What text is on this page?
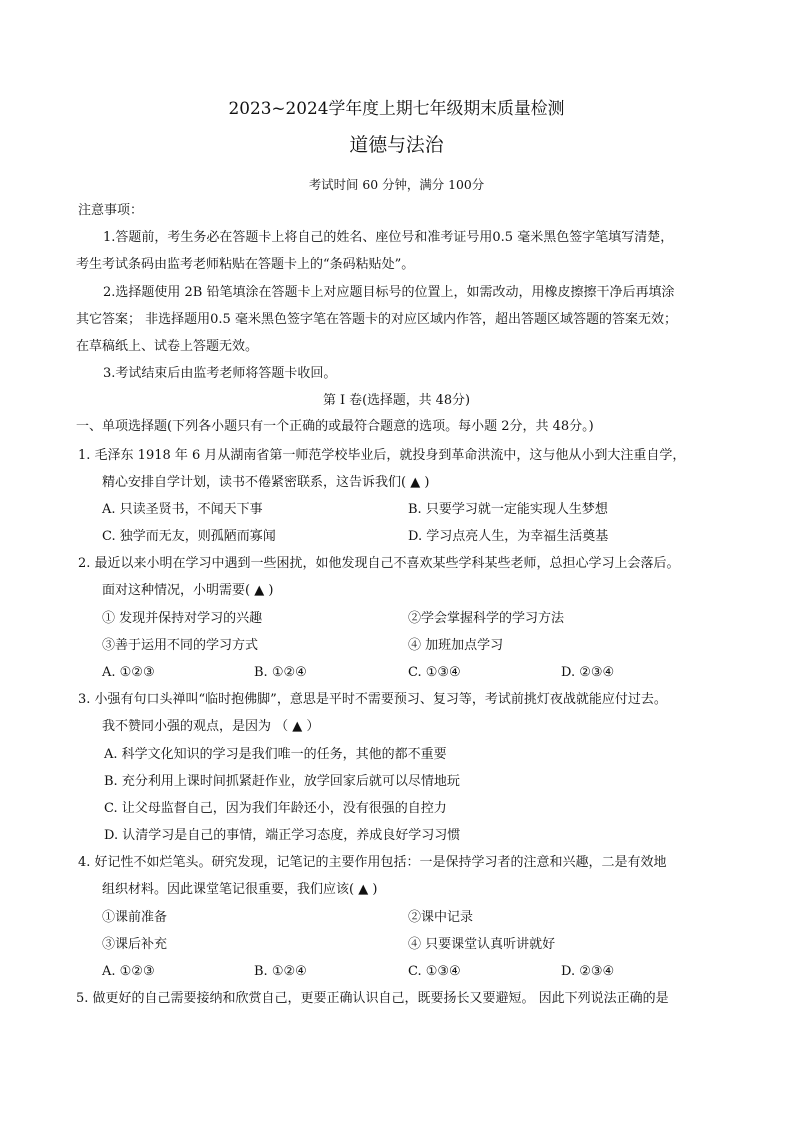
2023~2024学年度上期七年级期末质量检测
道德与法治
考试时间 60 分钟，满分 100分
注意事项：
1.答题前，考生务必在答题卡上将自己的姓名、座位号和准考证号用0.5 毫米黑色签字笔填写清楚，
考生考试条码由监考老师粘贴在答题卡上的“条码粘贴处”。
2.选择题使用 2B 铅笔填涂在答题卡上对应题目标号的位置上，如需改动，用橡皮擦擦干净后再填涂
其它答案； 非选择题用0.5 毫米黑色签字笔在答题卡的对应区域内作答，超出答题区域答题的答案无效；
在草稿纸上、试卷上答题无效。
3.考试结束后由监考老师将答题卡收回。
第 Ⅰ 卷(选择题，共 48分)
一、单项选择题(下列各小题只有一个正确的或最符合题意的选项。每小题 2分，共 48分。)
1. 毛泽东 1918 年 6 月从湖南省第一师范学校毕业后，就投身到革命洪流中，这与他从小到大注重自学，
精心安排自学计划，读书不倦紧密联系，这告诉我们( ▲ )
A. 只读圣贤书，不闻天下事	B. 只要学习就一定能实现人生梦想
C. 独学而无友，则孤陋而寡闻	D. 学习点亮人生，为幸福生活奠基
2. 最近以来小明在学习中遇到一些困扰，如他发现自己不喜欢某些学科某些老师，总担心学习上会落后。
面对这种情况，小明需要( ▲ )
① 发现并保持对学习的兴趣	②学会掌握科学的学习方法
③善于运用不同的学习方式	④ 加班加点学习
A. ①②③	B. ①②④	C. ①③④	D. ②③④
3. 小强有句口头禅叫“临时抱佛脚”，意思是平时不需要预习、复习等，考试前挑灯夜战就能应付过去。
我不赞同小强的观点，是因为 （ ▲ ）
A. 科学文化知识的学习是我们唯一的任务，其他的都不重要
B. 充分利用上课时间抓紧赶作业，放学回家后就可以尽情地玩
C. 让父母监督自己，因为我们年龄还小，没有很强的自控力
D. 认清学习是自己的事情，端正学习态度，养成良好学习习惯
4. 好记性不如烂笔头。研究发现，记笔记的主要作用包括：一是保持学习者的注意和兴趣，二是有效地
组织材料。因此课堂笔记很重要，我们应该( ▲ )
①课前准备	②课中记录
③课后补充	④ 只要课堂认真听讲就好
A. ①②③	B. ①②④	C. ①③④	D. ②③④
5. 做更好的自己需要接纳和欣赏自己，更要正确认识自己，既要扬长又要避短。 因此下列说法正确的是
